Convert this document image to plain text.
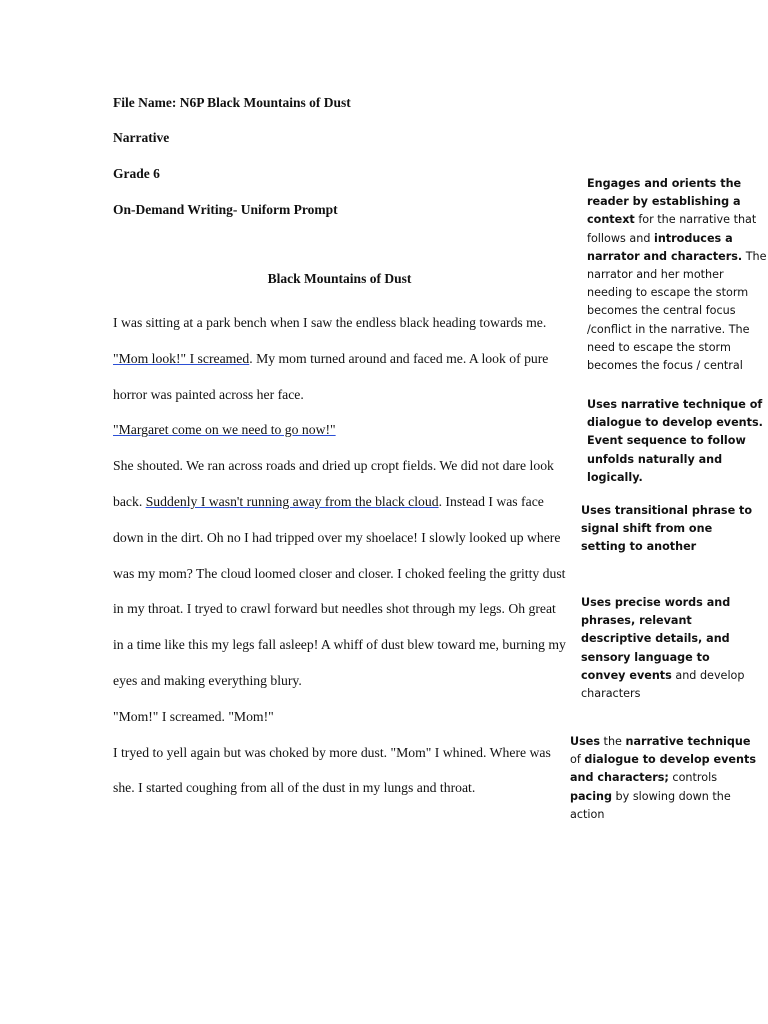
File Name: N6P Black Mountains of Dust
Narrative
Grade 6
On-Demand Writing- Uniform Prompt
Black Mountains of Dust

I was sitting at a park bench when I saw the endless black heading towards me. "Mom look!" I screamed. My mom turned around and faced me. A look of pure horror was painted across her face.

"Margaret come on we need to go now!"

She shouted. We ran across roads and dried up cropt fields. We did not dare look back. Suddenly I wasn't running away from the black cloud. Instead I was face down in the dirt. Oh no I had tripped over my shoelace! I slowly looked up where was my mom? The cloud loomed closer and closer. I choked feeling the gritty dust in my throat. I tryed to crawl forward but needles shot through my legs. Oh great in a time like this my legs fall asleep! A whiff of dust blew toward me, burning my eyes and making everything blury.

"Mom!" I screamed. "Mom!"

I tryed to yell again but was choked by more dust. "Mom" I whined. Where was she. I started coughing from all of the dust in my lungs and throat.

Engages and orients the reader by establishing a context for the narrative that follows and introduces a narrator and characters. The narrator and her mother needing to escape the storm becomes the central focus /conflict in the narrative. The need to escape the storm becomes the focus / central
Uses narrative technique of dialogue to develop events. Event sequence to follow unfolds naturally and logically.
Uses transitional phrase to signal shift from one setting to another
Uses precise words and phrases, relevant descriptive details, and sensory language to convey events and develop characters
Uses the narrative technique of dialogue to develop events and characters; controls pacing by slowing down the action
